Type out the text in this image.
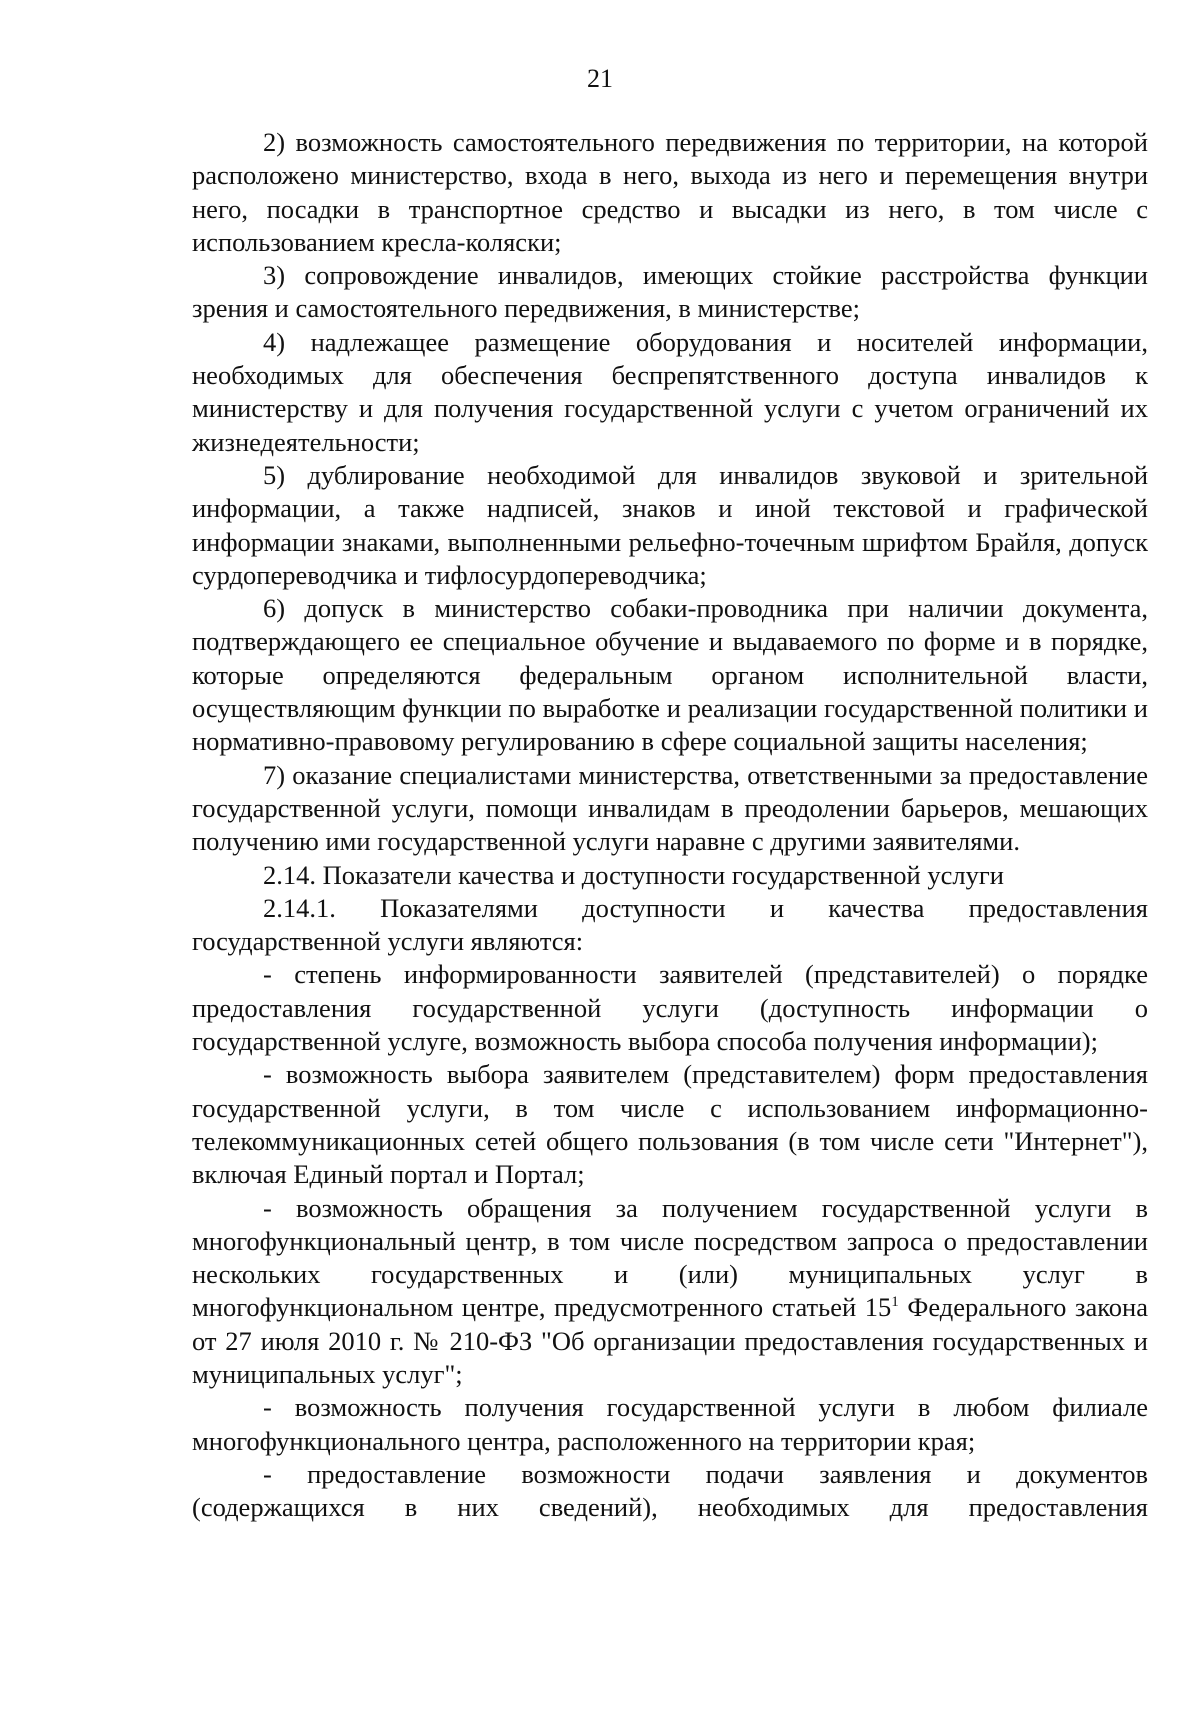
21

2) возможность самостоятельного передвижения по территории, на которой расположено министерство, входа в него, выхода из него и перемещения внутри него, посадки в транспортное средство и высадки из него, в том числе с использованием кресла-коляски;

3) сопровождение инвалидов, имеющих стойкие расстройства функции зрения и самостоятельного передвижения, в министерстве;

4) надлежащее размещение оборудования и носителей информации, необходимых для обеспечения беспрепятственного доступа инвалидов к министерству и для получения государственной услуги с учетом ограничений их жизнедеятельности;

5) дублирование необходимой для инвалидов звуковой и зрительной информации, а также надписей, знаков и иной текстовой и графической информации знаками, выполненными рельефно-точечным шрифтом Брайля, допуск сурдопереводчика и тифлосурдопереводчика;

6) допуск в министерство собаки-проводника при наличии документа, подтверждающего ее специальное обучение и выдаваемого по форме и в порядке, которые определяются федеральным органом исполнительной власти, осуществляющим функции по выработке и реализации государственной политики и нормативно-правовому регулированию в сфере социальной защиты населения;

7) оказание специалистами министерства, ответственными за предоставление государственной услуги, помощи инвалидам в преодолении барьеров, мешающих получению ими государственной услуги наравне с другими заявителями.

2.14. Показатели качества и доступности государственной услуги

2.14.1. Показателями доступности и качества предоставления государственной услуги являются:

- степень информированности заявителей (представителей) о порядке предоставления государственной услуги (доступность информации о государственной услуге, возможность выбора способа получения информации);

- возможность выбора заявителем (представителем) форм предоставления государственной услуги, в том числе с использованием информационно-телекоммуникационных сетей общего пользования (в том числе сети "Интернет"), включая Единый портал и Портал;

- возможность обращения за получением государственной услуги в многофункциональный центр, в том числе посредством запроса о предоставлении нескольких государственных и (или) муниципальных услуг в многофункциональном центре, предусмотренного статьей $15^1$ Федерального закона от 27 июля 2010 г. № 210-ФЗ "Об организации предоставления государственных и муниципальных услуг";

- возможность получения государственной услуги в любом филиале многофункционального центра, расположенного на территории края;

- предоставление возможности подачи заявления и документов (содержащихся в них сведений), необходимых для предоставления
